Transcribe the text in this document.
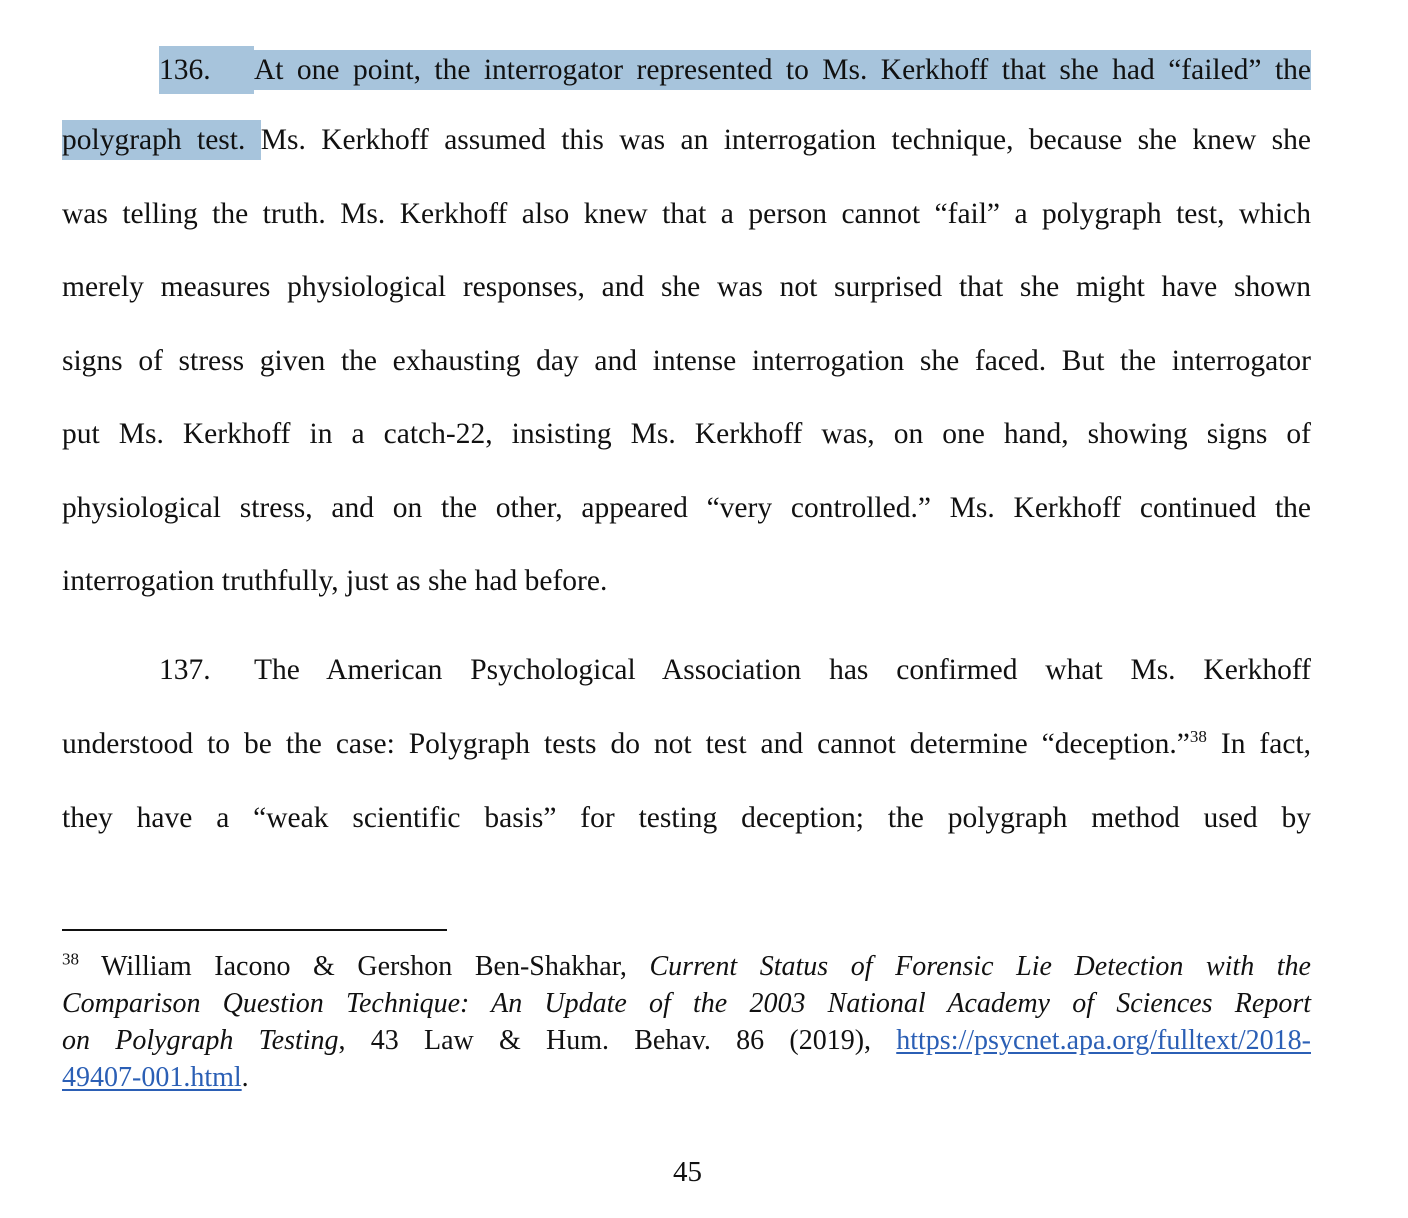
136. At one point, the interrogator represented to Ms. Kerkhoff that she had “failed” the
polygraph test. Ms. Kerkhoff assumed this was an interrogation technique, because she knew she
was telling the truth. Ms. Kerkhoff also knew that a person cannot “fail” a polygraph test, which
merely measures physiological responses, and she was not surprised that she might have shown
signs of stress given the exhausting day and intense interrogation she faced. But the interrogator
put Ms. Kerkhoff in a catch-22, insisting Ms. Kerkhoff was, on one hand, showing signs of
physiological stress, and on the other, appeared “very controlled.” Ms. Kerkhoff continued the
interrogation truthfully, just as she had before.
137. The American Psychological Association has confirmed what Ms. Kerkhoff
understood to be the case: Polygraph tests do not test and cannot determine “deception.”$^{38}$ In fact,
they have a “weak scientific basis” for testing deception; the polygraph method used by
$^{38}$ William Iacono & Gershon Ben-Shakhar, Current Status of Forensic Lie Detection with the
Comparison Question Technique: An Update of the 2003 National Academy of Sciences Report
on Polygraph Testing, 43 Law & Hum. Behav. 86 (2019), https://psycnet.apa.org/fulltext/2018-
49407-001.html.
45
